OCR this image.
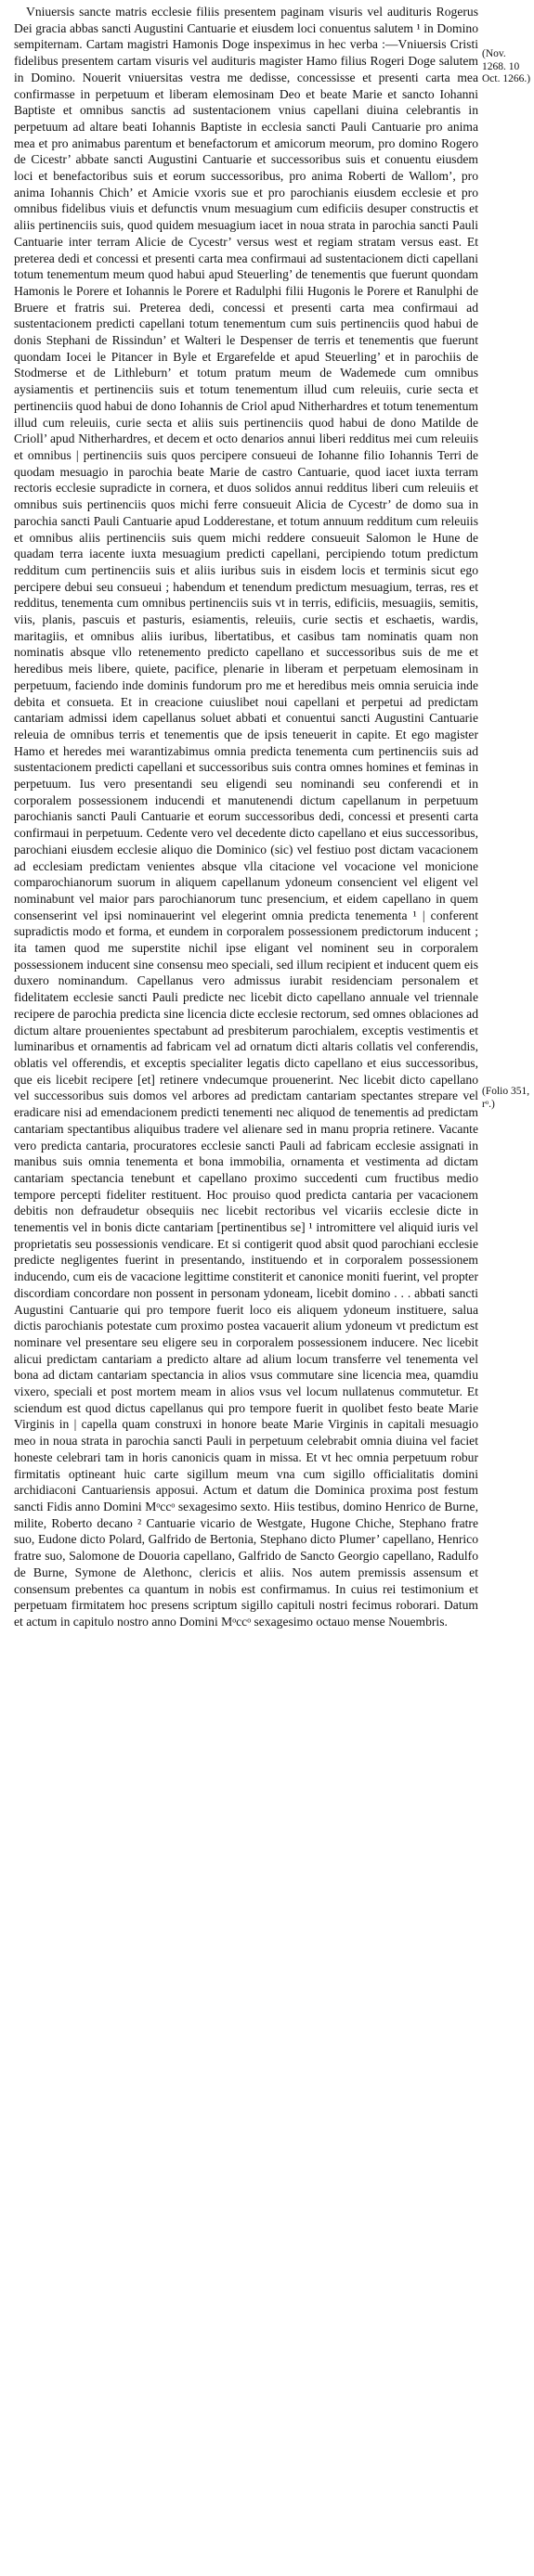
Vniuersis sancte matris ecclesie filiis presentem paginam visuris vel audituris Rogerus Dei gracia abbas sancti Augustini Cantuarie et eiusdem loci conuentus salutem ¹ in Domino sempiternam. Cartam magistri Hamonis Doge inspeximus in hec verba :—Vniuersis Cristi fidelibus presentem cartam visuris vel audituris magister Hamo filius Rogeri Doge salutem in Domino. Nouerit vniuersitas vestra me dedisse, concessisse et presenti carta mea confirmasse in perpetuum et liberam elemosinam Deo et beate Marie et sancto Iohanni Baptiste et omnibus sanctis ad sustentacionem vnius capellani diuina celebrantis in perpetuum ad altare beati Iohannis Baptiste in ecclesia sancti Pauli Cantuarie pro anima mea et pro animabus parentum et benefactorum et amicorum meorum, pro domino Rogero de Cicestr’ abbate sancti Augustini Cantuarie et successoribus suis et conuentu eiusdem loci et benefactoribus suis et eorum successoribus, pro anima Roberti de Wallom’, pro anima Iohannis Chich’ et Amicie vxoris sue et pro parochianis eiusdem ecclesie et pro omnibus fidelibus viuis et defunctis vnum mesuagium cum edificiis desuper constructis et aliis pertinenciis suis, quod quidem mesuagium iacet in noua strata in parochia sancti Pauli Cantuarie inter terram Alicie de Cycestr’ versus west et regiam stratam versus east. Et preterea dedi et concessi et presenti carta mea confirmaui ad sustentacionem dicti capellani totum tenementum meum quod habui apud Steuerling’ de tenementis que fuerunt quondam Hamonis le Porere et Iohannis le Porere et Radulphi filii Hugonis le Porere et Ranulphi de Bruere et fratris sui. Preterea dedi, concessi et presenti carta mea confirmaui ad sustentacionem predicti capellani totum tenementum cum suis pertinenciis quod habui de donis Stephani de Rissindun’ et Walteri le Despenser de terris et tenementis que fuerunt quondam Iocei le Pitancer in Byle et Ergarefelde et apud Steuerling’ et in parochiis de Stodmerse et de Lithleburn’ et totum pratum meum de Wademede cum omnibus aysiamentis et pertinenciis suis et totum tenementum illud cum releuiis, curie secta et pertinenciis quod habui de dono Iohannis de Criol apud Nitherhardres et totum tenementum illud cum releuiis, curie secta et aliis suis pertinenciis quod habui de dono Matilde de Crioll’ apud Nitherhardres, et decem et octo denarios annui liberi redditus mei cum releuiis et omnibus | pertinenciis suis quos percipere consueui de Iohanne filio Iohannis Terri de quodam mesuagio in parochia beate Marie de castro Cantuarie, quod iacet iuxta terram rectoris ecclesie supradicte in cornera, et duos solidos annui redditus liberi cum releuiis et omnibus suis pertinenciis quos michi ferre consueuit Alicia de Cycestr’ de domo sua in parochia sancti Pauli Cantuarie apud Lodderestane, et totum annuum redditum cum releuiis et omnibus aliis pertinenciis suis quem michi reddere consueuit Salomon le Hune de quadam terra iacente iuxta mesuagium predicti capellani, percipiendo totum predictum redditum cum pertinenciis suis et aliis iuribus suis in eisdem locis et terminis sicut ego percipere debui seu consueui ; habendum et tenendum predictum mesuagium, terras, res et redditus, tenementa cum omnibus pertinenciis suis vt in terris, edificiis, mesuagiis, semitis, viis, planis, pascuis et pasturis, esiamentis, releuiis, curie sectis et eschaetis, wardis, maritagiis, et omnibus aliis iuribus, libertatibus, et casibus tam nominatis quam non nominatis absque vllo retenemento predicto capellano et successoribus suis de me et heredibus meis libere, quiete, pacifice, plenarie in liberam et perpetuam elemosinam in perpetuum, faciendo inde dominis fundorum pro me et heredibus meis omnia seruicia inde debita et consueta. Et in creacione cuiuslibet noui capellani et perpetui ad predictam cantariam admissi idem capellanus soluet abbati et conuentui sancti Augustini Cantuarie releuia de omnibus terris et tenementis que de ipsis teneuerit in capite. Et ego magister Hamo et heredes mei warantizabimus omnia predicta tenementa cum pertinenciis suis ad sustentacionem predicti capellani et successoribus suis contra omnes homines et feminas in perpetuum. Ius vero presentandi seu eligendi seu nominandi seu conferendi et in corporalem possessionem inducendi et manutenendi dictum capellanum in perpetuum parochianis sancti Pauli Cantuarie et eorum successoribus dedi, concessi et presenti carta confirmaui in perpetuum. Cedente vero vel decedente dicto capellano et eius successoribus, parochiani eiusdem ecclesie aliquo die Dominico (sic) vel festiuo post dictam vacacionem ad ecclesiam predictam venientes absque vlla citacione vel vocacione vel monicione comparochianorum suorum in aliquem capellanum ydoneum consencient vel eligent vel nominabunt vel maior pars parochianorum tunc presencium, et eidem capellano in quem consenserint vel ipsi nominauerint vel elegerint omnia predicta tenementa ¹ | conferent supradictis modo et forma, et eundem in corporalem possessionem predictorum inducent ; ita tamen quod me superstite nichil ipse eligant vel nominent seu in corporalem possessionem inducent sine consensu meo speciali, sed illum recipient et inducent quem eis duxero nominandum. Capellanus vero admissus iurabit residenciam personalem et fidelitatem ecclesie sancti Pauli predicte nec licebit dicto capellano annuale vel triennale recipere de parochia predicta sine licencia dicte ecclesie rectorum, sed omnes oblaciones ad dictum altare prouenientes spectabunt ad presbiterum parochialem, exceptis vestimentis et luminaribus et ornamentis ad fabricam vel ad ornatum dicti altaris collatis vel conferendis, oblatis vel offerendis, et exceptis specialiter legatis dicto capellano et eius successoribus, que eis licebit recipere [et] retinere vndecumque prouenerint. Nec licebit dicto capellano vel successoribus suis domos vel arbores ad predictam cantariam spectantes strepare vel eradicare nisi ad emendacionem predicti tenementi nec aliquod de tenementis ad predictam cantariam spectantibus aliquibus tradere vel alienare sed in manu propria retinere. Vacante vero predicta cantaria, procuratores ecclesie sancti Pauli ad fabricam ecclesie assignati in manibus suis omnia tenementa et bona immobilia, ornamenta et vestimenta ad dictam cantariam spectancia tenebunt et capellano proximo succedenti cum fructibus medio tempore percepti fideliter restituent. Hoc prouiso quod predicta cantaria per vacacionem debitis non defraudetur obsequiis nec licebit rectoribus vel vicariis ecclesie dicte in tenementis vel in bonis dicte cantariam [pertinentibus se] ¹ intromittere vel aliquid iuris vel proprietatis seu possessionis vendicare. Et si contigerit quod absit quod parochiani ecclesie predicte negligentes fuerint in presentando, instituendo et in corporalem possessionem inducendo, cum eis de vacacione legittime constiterit et canonice moniti fuerint, vel propter discordiam concordare non possent in personam ydoneam, licebit domino . . . abbati sancti Augustini Cantuarie qui pro tempore fuerit loco eis aliquem ydoneum instituere, salua dictis parochianis potestate cum proximo postea vacauerit alium ydoneum vt predictum est nominare vel presentare seu eligere seu in corporalem possessionem inducere. Nec licebit alicui predictam cantariam a predicto altare ad alium locum transferre vel tenementa vel bona ad dictam cantariam spectancia in alios vsus commutare sine licencia mea, quamdiu vixero, speciali et post mortem meam in alios vsus vel locum nullatenus commutetur. Et sciendum est quod dictus capellanus qui pro tempore fuerit in quolibet festo beate Marie Virginis in | capella quam construxi in honore beate Marie Virginis in capitali mesuagio meo in noua strata in parochia sancti Pauli in perpetuum celebrabit omnia diuina vel faciet honeste celebrari tam in horis canonicis quam in missa. Et vt hec omnia perpetuum robur firmitatis optineant huic carte sigillum meum vna cum sigillo officialitatis domini archidiaconi Cantuariensis apposui. Actum et datum die Dominica proxima post festum sancti Fidis anno Domini Mᵒccᵒ sexagesimo sexto. Hiis testibus, domino Henrico de Burne, milite, Roberto decano ² Cantuarie vicario de Westgate, Hugone Chiche, Stephano fratre suo, Eudone dicto Polard, Galfrido de Bertonia, Stephano dicto Plumer’ capellano, Henrico fratre suo, Salomone de Douoria capellano, Galfrido de Sancto Georgio capellano, Radulfo de Burne, Symone de Alethonc, clericis et aliis. Nos autem premissis assensum et consensum prebentes ca quantum in nobis est confirmamus. In cuius rei testimonium et perpetuam firmitatem hoc presens scriptum sigillo capituli nostri fecimus roborari. Datum et actum in capitulo nostro anno Domini Mᵒccᵒ sexagesimo octauo mense Nouembris.

(Nov. 1268. 10 Oct. 1266.)
(Folio 351, rᵒ.)
